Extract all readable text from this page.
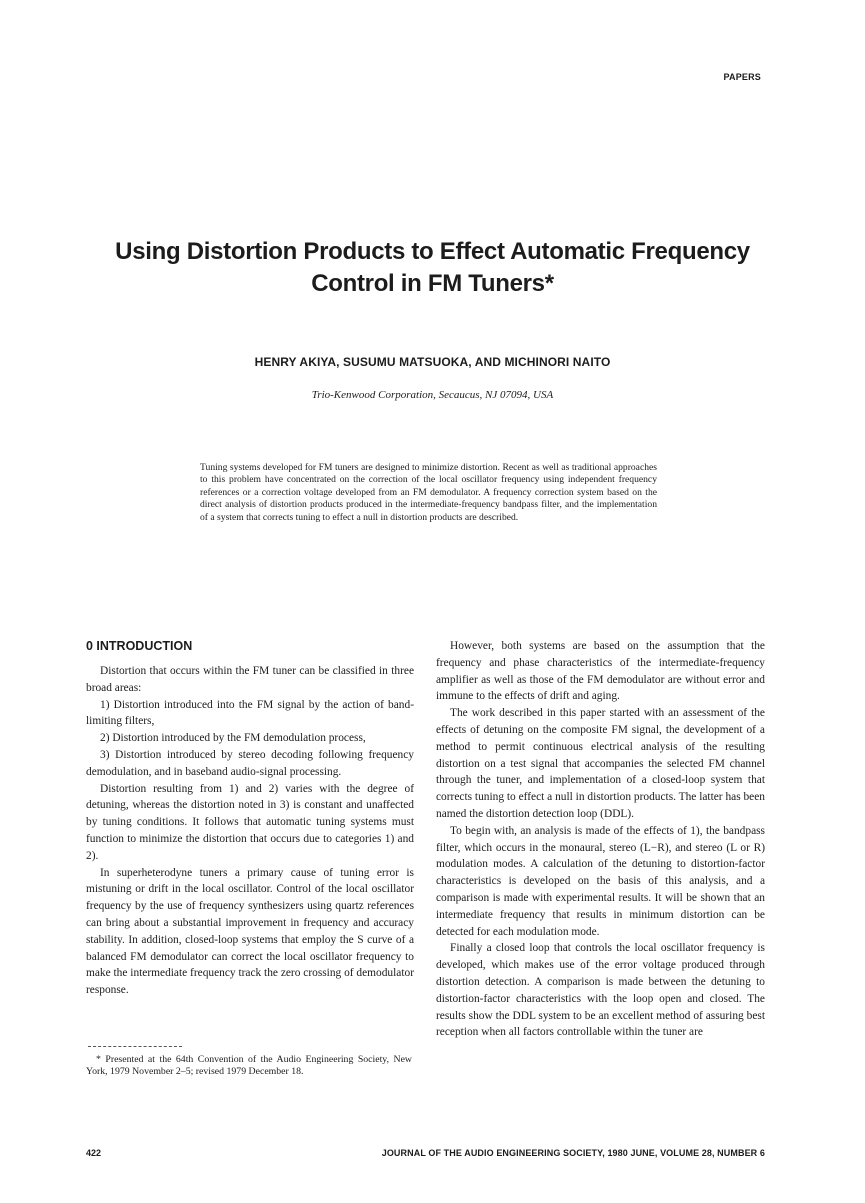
PAPERS
Using Distortion Products to Effect Automatic Frequency
Control in FM Tuners*
HENRY AKIYA, SUSUMU MATSUOKA, AND MICHINORI NAITO
Trio-Kenwood Corporation, Secaucus, NJ 07094, USA

Tuning systems developed for FM tuners are designed to minimize distortion. Recent as well as traditional approaches to this problem have concentrated on the correction of the local oscillator frequency using independent frequency references or a correction voltage developed from an FM demodulator. A frequency correction system based on the direct analysis of distortion products produced in the intermediate-frequency bandpass filter, and the implementation of a system that corrects tuning to effect a null in distortion products are described.

0 INTRODUCTION

Distortion that occurs within the FM tuner can be classified in three broad areas:

1) Distortion introduced into the FM signal by the action of band-limiting filters,

2) Distortion introduced by the FM demodulation process,

3) Distortion introduced by stereo decoding following frequency demodulation, and in baseband audio-signal processing.

Distortion resulting from 1) and 2) varies with the degree of detuning, whereas the distortion noted in 3) is constant and unaffected by tuning conditions. It follows that automatic tuning systems must function to minimize the distortion that occurs due to categories 1) and 2).

In superheterodyne tuners a primary cause of tuning error is mistuning or drift in the local oscillator. Control of the local oscillator frequency by the use of frequency synthesizers using quartz references can bring about a substantial improvement in frequency and accuracy stability. In addition, closed-loop systems that employ the S curve of a balanced FM demodulator can correct the local oscillator frequency to make the intermediate frequency track the zero crossing of demodulator response.

However, both systems are based on the assumption that the frequency and phase characteristics of the intermediate-frequency amplifier as well as those of the FM demodulator are without error and immune to the effects of drift and aging.

The work described in this paper started with an assessment of the effects of detuning on the composite FM signal, the development of a method to permit continuous electrical analysis of the resulting distortion on a test signal that accompanies the selected FM channel through the tuner, and implementation of a closed-loop system that corrects tuning to effect a null in distortion products. The latter has been named the distortion detection loop (DDL).

To begin with, an analysis is made of the effects of 1), the bandpass filter, which occurs in the monaural, stereo (L−R), and stereo (L or R) modulation modes. A calculation of the detuning to distortion-factor characteristics is developed on the basis of this analysis, and a comparison is made with experimental results. It will be shown that an intermediate frequency that results in minimum distortion can be detected for each modulation mode.

Finally a closed loop that controls the local oscillator frequency is developed, which makes use of the error voltage produced through distortion detection. A comparison is made between the detuning to distortion-factor characteristics with the loop open and closed. The results show the DDL system to be an excellent method of assuring best reception when all factors controllable within the tuner are

* Presented at the 64th Convention of the Audio Engineering Society, New York, 1979 November 2–5; revised 1979 December 18.

422	JOURNAL OF THE AUDIO ENGINEERING SOCIETY, 1980 JUNE, VOLUME 28, NUMBER 6
